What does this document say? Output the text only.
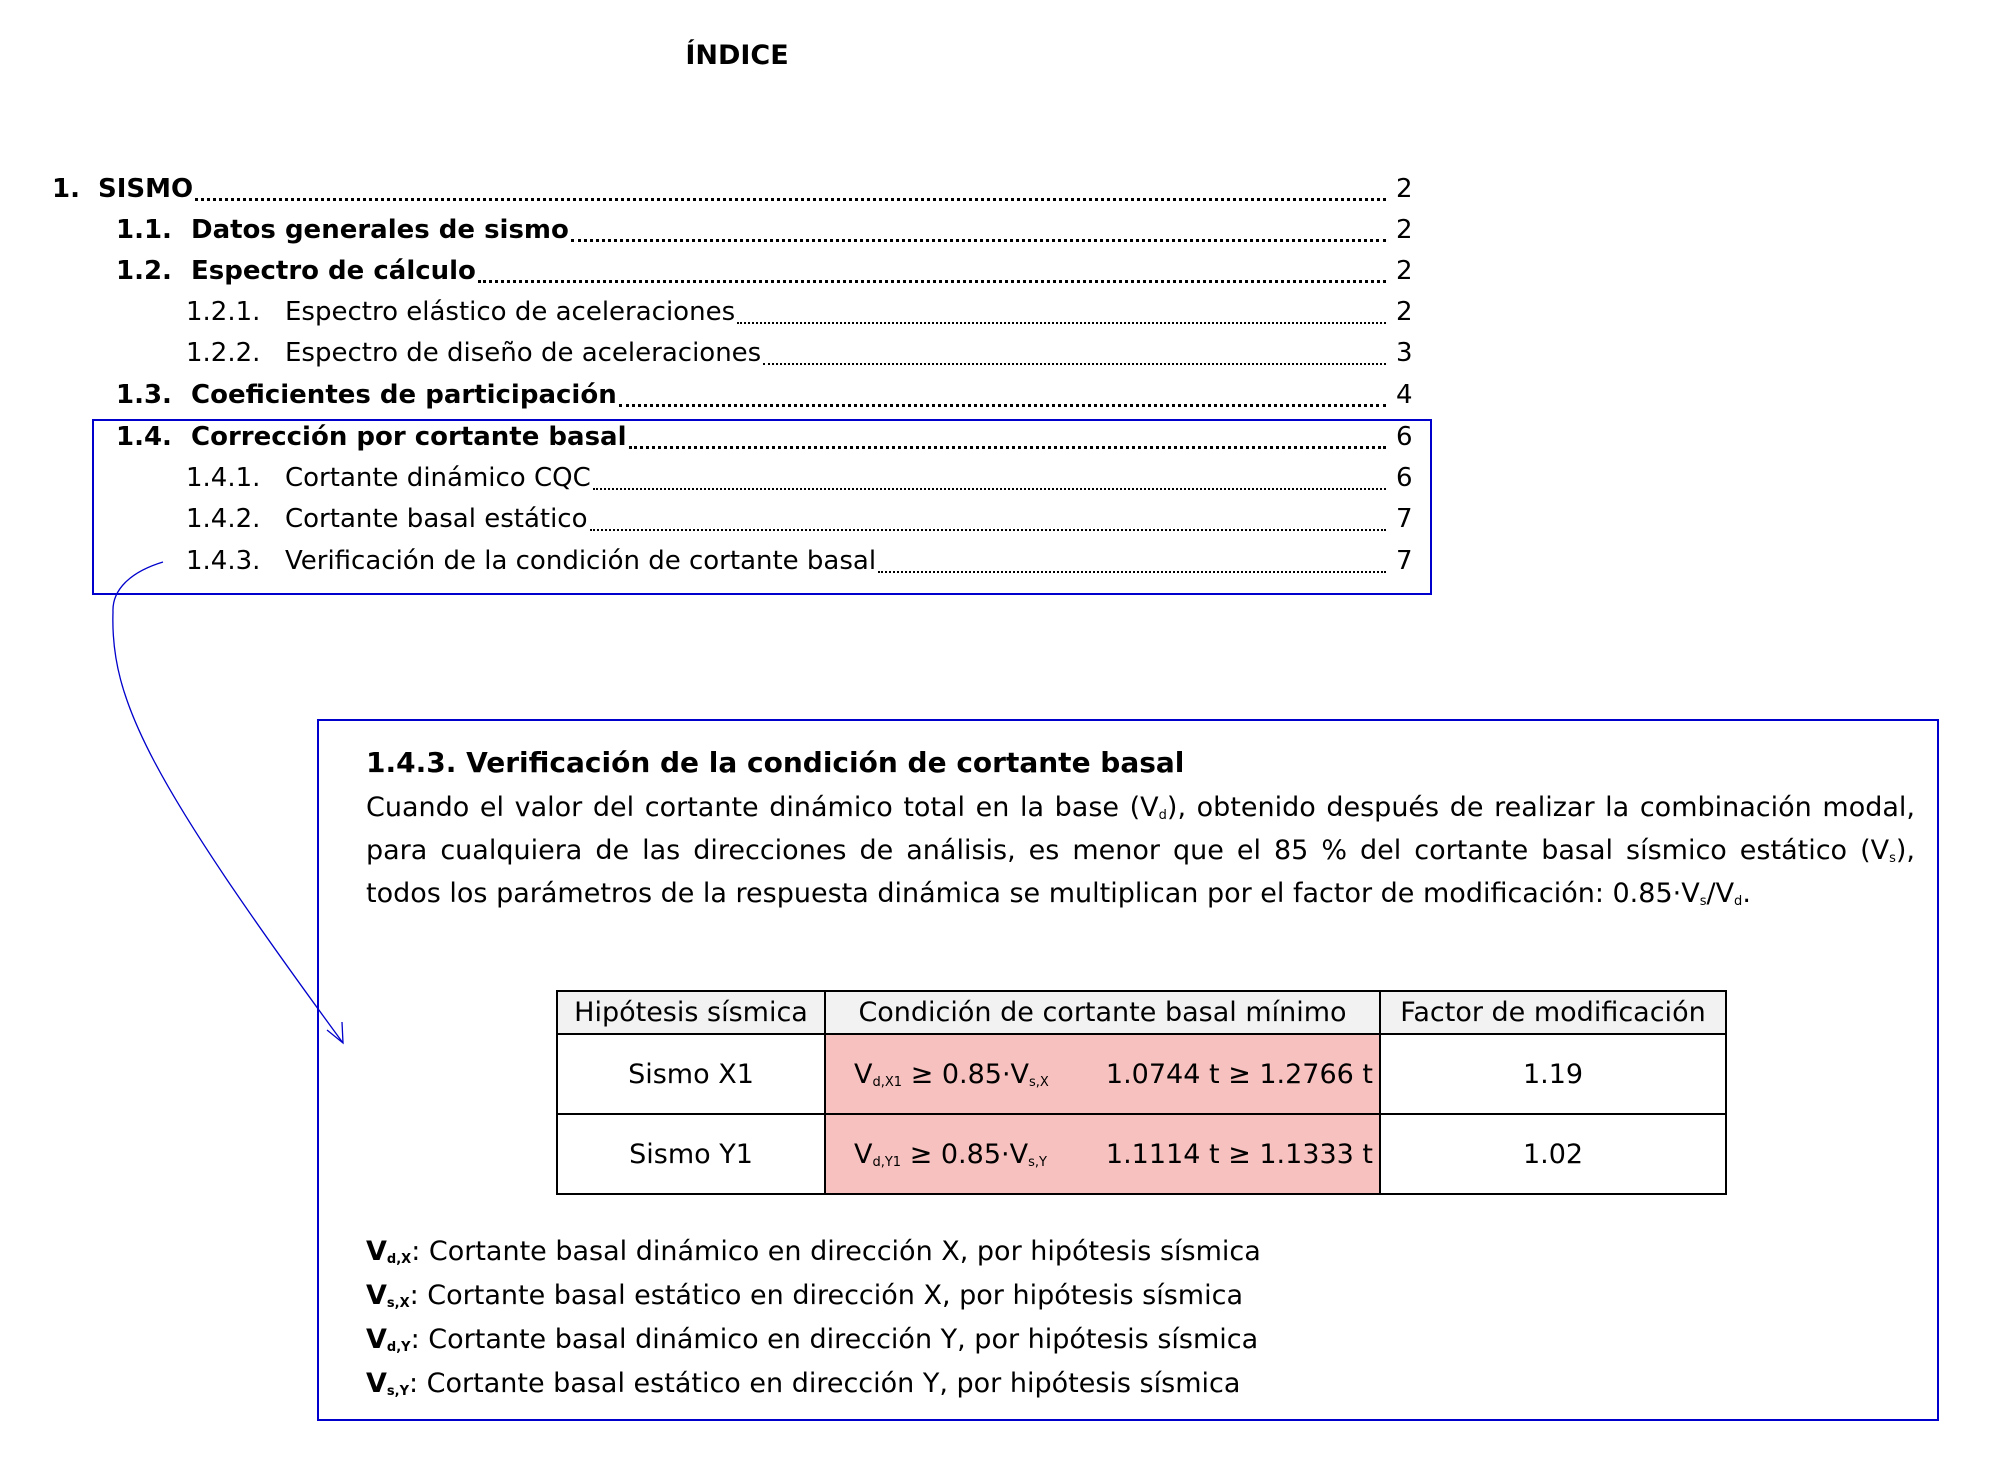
ÍNDICE
1. SISMO	2
1.1. Datos generales de sismo	2
1.2. Espectro de cálculo	2
1.2.1. Espectro elástico de aceleraciones	2
1.2.2. Espectro de diseño de aceleraciones	3
1.3. Coeficientes de participación	4
1.4. Corrección por cortante basal	6
1.4.1. Cortante dinámico CQC	6
1.4.2. Cortante basal estático	7
1.4.3. Verificación de la condición de cortante basal	7
1.4.3. Verificación de la condición de cortante basal
Cuando el valor del cortante dinámico total en la base $(V_d)$, obtenido después de realizar la combinación modal, para cualquiera de las direcciones de análisis, es menor que el 85 % del cortante basal sísmico estático $(V_s)$, todos los parámetros de la respuesta dinámica se multiplican por el factor de modificación: $0.85\cdot V_s/V_d$.
Hipótesis sísmica	Condición de cortante basal mínimo	Factor de modificación
Sismo X1	$V_{d,X1} \ge 0.85\cdot V_{s,X}$ 1.0744 t ≥ 1.2766 t	1.19
Sismo Y1	$V_{d,Y1} \ge 0.85\cdot V_{s,Y}$ 1.1114 t ≥ 1.1333 t	1.02
$V_{d,X}$: Cortante basal dinámico en dirección X, por hipótesis sísmica
$V_{s,X}$: Cortante basal estático en dirección X, por hipótesis sísmica
$V_{d,Y}$: Cortante basal dinámico en dirección Y, por hipótesis sísmica
$V_{s,Y}$: Cortante basal estático en dirección Y, por hipótesis sísmica
